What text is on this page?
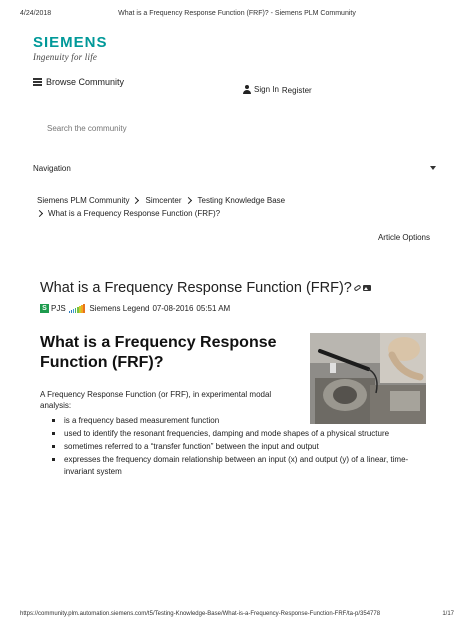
4/24/2018	What is a Frequency Response Function (FRF)? - Siemens PLM Community
SIEMENS
Ingenuity for life
Browse Community
Sign In Register
Search the community
Navigation
Siemens PLM Community Simcenter Testing Knowledge Base
What is a Frequency Response Function (FRF)?
Article Options
What is a Frequency Response Function (FRF)?
S PJS	Siemens Legend 07-08-2016 05:51 AM
What is a Frequency Response Function (FRF)?
A Frequency Response Function (or FRF), in experimental modal analysis:
is a frequency based measurement function
used to identify the resonant frequencies, damping and mode shapes of a physical structure
sometimes referred to a “transfer function” between the input and output
expresses the frequency domain relationship between an input (x) and output (y) of a linear, time-invariant system
https://community.plm.automation.siemens.com/t5/Testing-Knowledge-Base/What-is-a-Frequency-Response-Function-FRF/ta-p/354778	1/17
